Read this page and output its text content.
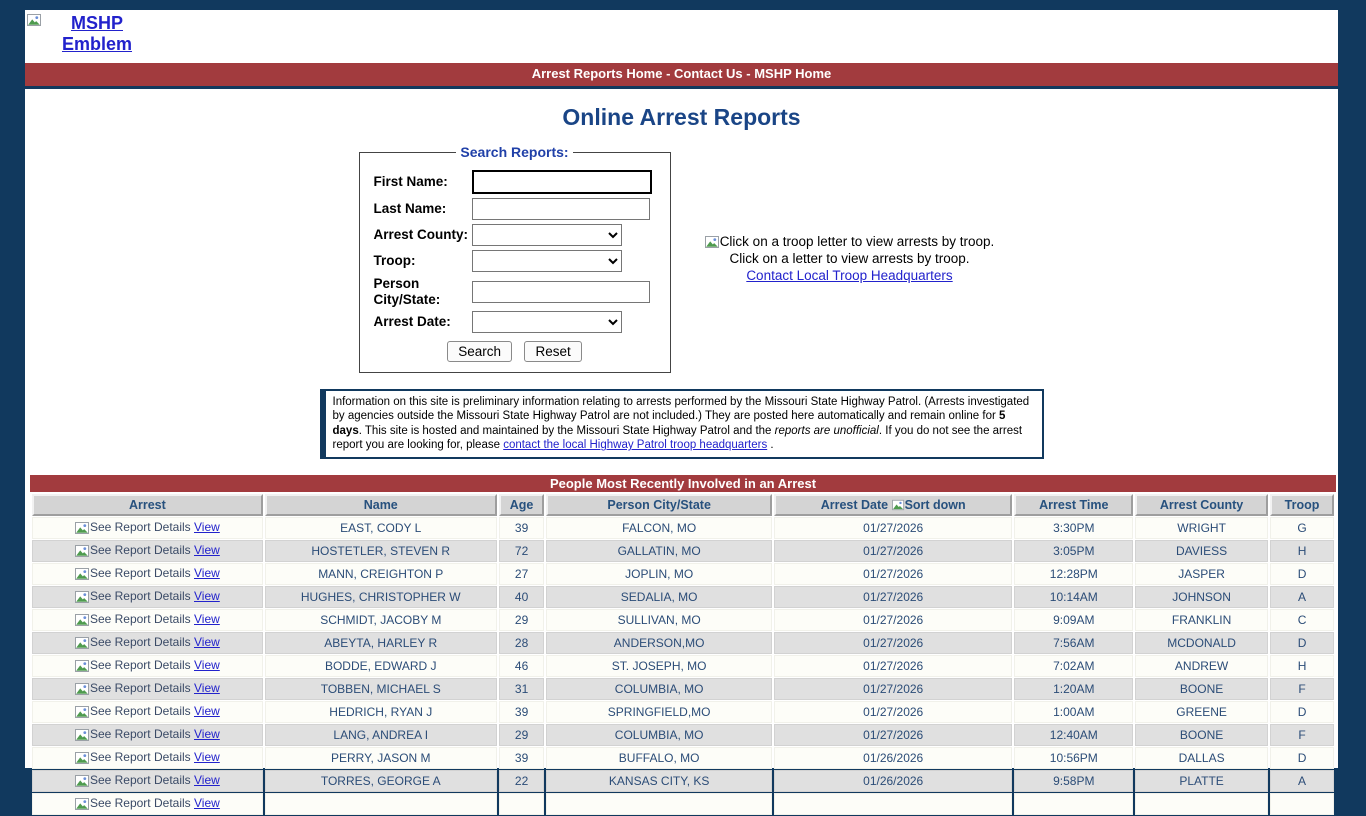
MSHP Emblem
Arrest Reports Home - Contact Us - MSHP Home
Online Arrest Reports
Search Reports:
First Name:
Last Name:
Arrest County:
Troop:
Person City/State:
Arrest Date:
Search	Reset
Click on a troop letter to view arrests by troop.
Click on a letter to view arrests by troop.
Contact Local Troop Headquarters
Information on this site is preliminary information relating to arrests performed by the Missouri State Highway Patrol. (Arrests investigated by agencies outside the Missouri State Highway Patrol are not included.) They are posted here automatically and remain online for 5 days. This site is hosted and maintained by the Missouri State Highway Patrol and the reports are unofficial. If you do not see the arrest report you are looking for, please contact the local Highway Patrol troop headquarters .
People Most Recently Involved in an Arrest
Arrest	Name	Age	Person City/State	Arrest Date Sort down	Arrest Time	Arrest County	Troop
See Report Details View	EAST, CODY L	39	FALCON, MO	01/27/2026	3:30PM	WRIGHT	G
See Report Details View	HOSTETLER, STEVEN R	72	GALLATIN, MO	01/27/2026	3:05PM	DAVIESS	H
See Report Details View	MANN, CREIGHTON P	27	JOPLIN, MO	01/27/2026	12:28PM	JASPER	D
See Report Details View	HUGHES, CHRISTOPHER W	40	SEDALIA, MO	01/27/2026	10:14AM	JOHNSON	A
See Report Details View	SCHMIDT, JACOBY M	29	SULLIVAN, MO	01/27/2026	9:09AM	FRANKLIN	C
See Report Details View	ABEYTA, HARLEY R	28	ANDERSON,MO	01/27/2026	7:56AM	MCDONALD	D
See Report Details View	BODDE, EDWARD J	46	ST. JOSEPH, MO	01/27/2026	7:02AM	ANDREW	H
See Report Details View	TOBBEN, MICHAEL S	31	COLUMBIA, MO	01/27/2026	1:20AM	BOONE	F
See Report Details View	HEDRICH, RYAN J	39	SPRINGFIELD,MO	01/27/2026	1:00AM	GREENE	D
See Report Details View	LANG, ANDREA I	29	COLUMBIA, MO	01/27/2026	12:40AM	BOONE	F
See Report Details View	PERRY, JASON M	39	BUFFALO, MO	01/26/2026	10:56PM	DALLAS	D
See Report Details View	TORRES, GEORGE A	22	KANSAS CITY, KS	01/26/2026	9:58PM	PLATTE	A
See Report Details View							
